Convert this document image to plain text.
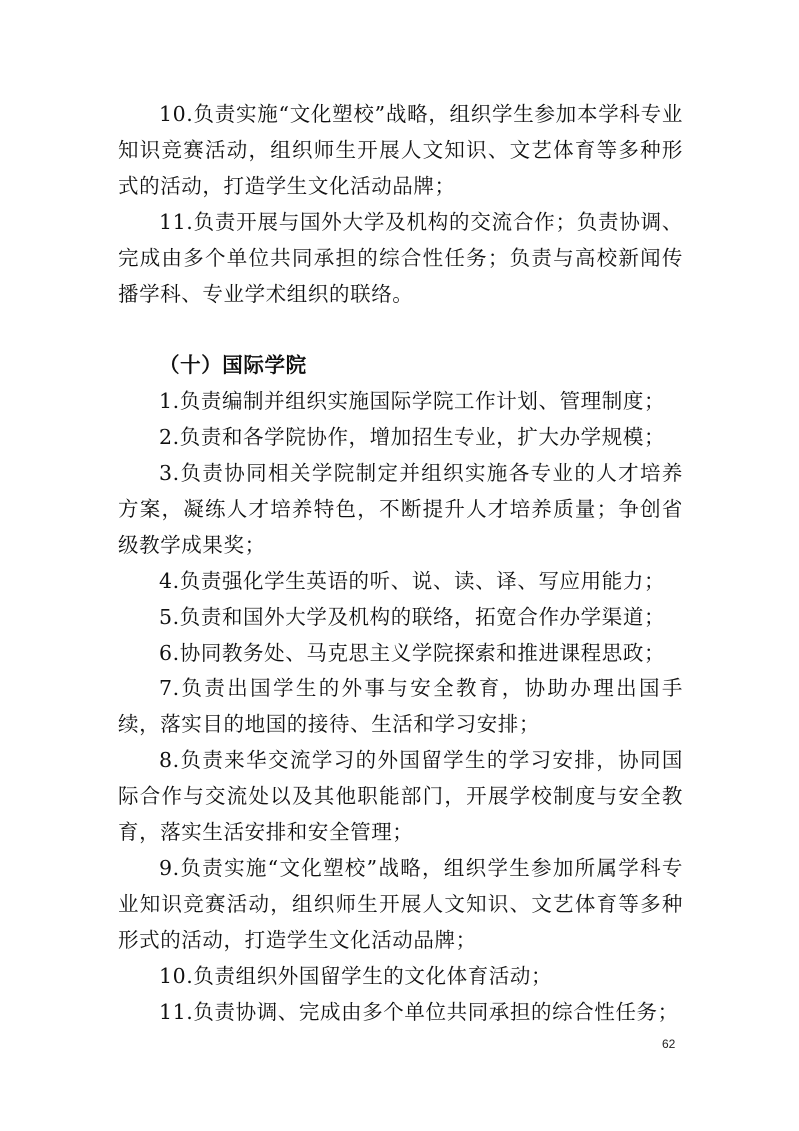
10.负责实施“文化塑校”战略，组织学生参加本学科专业知识竞赛活动，组织师生开展人文知识、文艺体育等多种形式的活动，打造学生文化活动品牌；

11.负责开展与国外大学及机构的交流合作；负责协调、完成由多个单位共同承担的综合性任务；负责与高校新闻传播学科、专业学术组织的联络。

（十）国际学院

1.负责编制并组织实施国际学院工作计划、管理制度；

2.负责和各学院协作，增加招生专业，扩大办学规模；

3.负责协同相关学院制定并组织实施各专业的人才培养方案，凝练人才培养特色，不断提升人才培养质量；争创省级教学成果奖；

4.负责强化学生英语的听、说、读、译、写应用能力；

5.负责和国外大学及机构的联络，拓宽合作办学渠道；

6.协同教务处、马克思主义学院探索和推进课程思政；

7.负责出国学生的外事与安全教育，协助办理出国手续，落实目的地国的接待、生活和学习安排；

8.负责来华交流学习的外国留学生的学习安排，协同国际合作与交流处以及其他职能部门，开展学校制度与安全教育，落实生活安排和安全管理；

9.负责实施“文化塑校”战略，组织学生参加所属学科专业知识竞赛活动，组织师生开展人文知识、文艺体育等多种形式的活动，打造学生文化活动品牌；

10.负责组织外国留学生的文化体育活动；

11.负责协调、完成由多个单位共同承担的综合性任务；

62
